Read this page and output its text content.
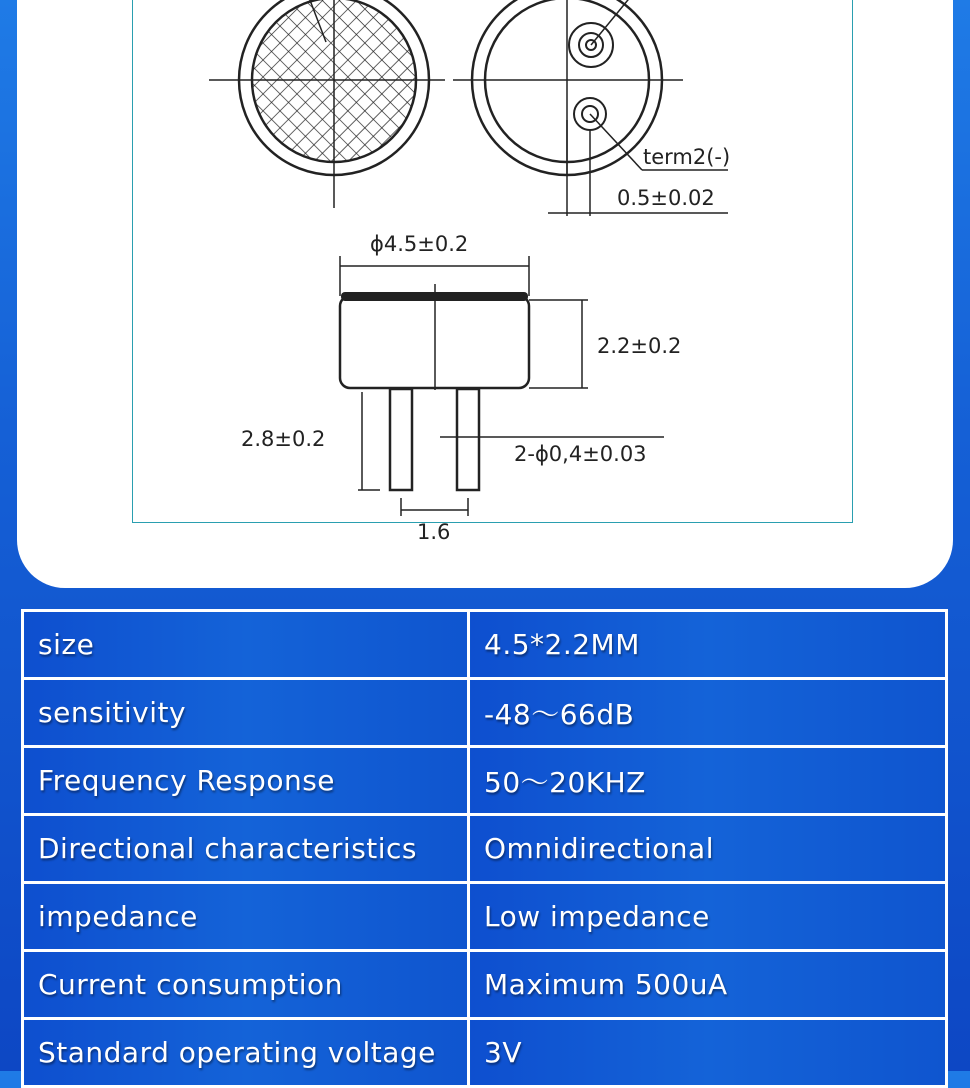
term2(-)
0.5±0.02
ϕ4.5±0.2
2.2±0.2
2.8±0.2
2-ϕ0,4±0.03
1.6
size	4.5*2.2MM
sensitivity	-48～66dB
Frequency Response	50～20KHZ
Directional characteristics	Omnidirectional
impedance	Low impedance
Current consumption	Maximum 500uA
Standard operating voltage	3V
